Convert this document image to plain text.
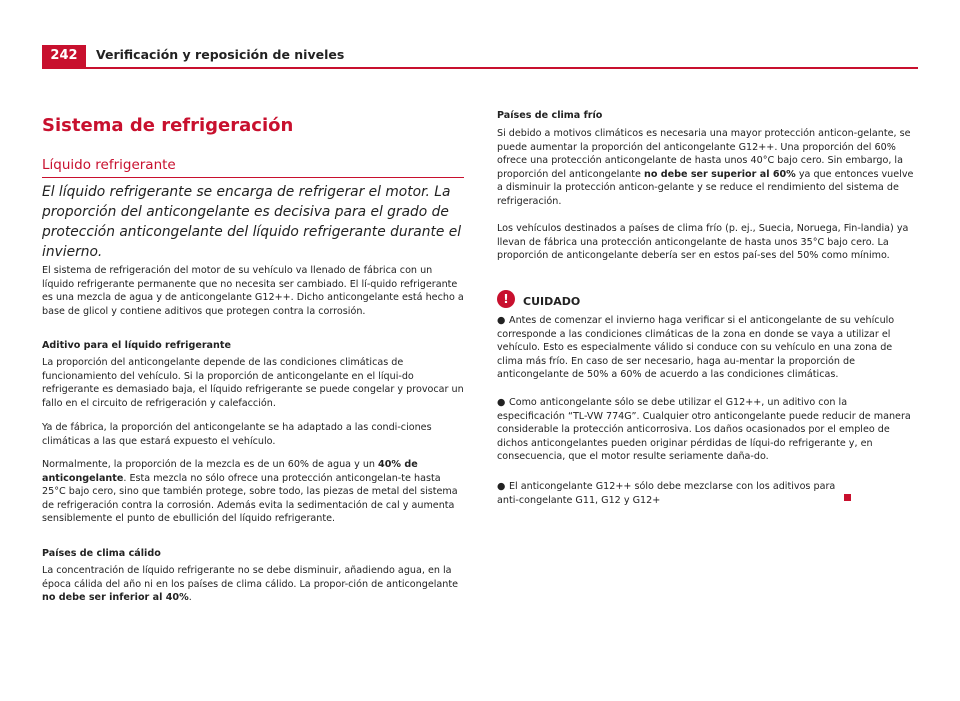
242	Verificación y reposición de niveles
Sistema de refrigeración
Líquido refrigerante

El líquido refrigerante se encarga de refrigerar el motor. La proporción del anticongelante es decisiva para el grado de protección anticongelante del líquido refrigerante durante el invierno.

El sistema de refrigeración del motor de su vehículo va llenado de fábrica con un líquido refrigerante permanente que no necesita ser cambiado. El lí-quido refrigerante es una mezcla de agua y de anticongelante G12++. Dicho anticongelante está hecho a base de glicol y contiene aditivos que protegen contra la corrosión.

Aditivo para el líquido refrigerante

La proporción del anticongelante depende de las condiciones climáticas de funcionamiento del vehículo. Si la proporción de anticongelante en el líqui-do refrigerante es demasiado baja, el líquido refrigerante se puede congelar y provocar un fallo en el circuito de refrigeración y calefacción.

Ya de fábrica, la proporción del anticongelante se ha adaptado a las condi-ciones climáticas a las que estará expuesto el vehículo.

Normalmente, la proporción de la mezcla es de un 60% de agua y un 40% de anticongelante. Esta mezcla no sólo ofrece una protección anticongelan-te hasta 25°C bajo cero, sino que también protege, sobre todo, las piezas de metal del sistema de refrigeración contra la corrosión. Además evita la sedimentación de cal y aumenta sensiblemente el punto de ebullición del líquido refrigerante.

Países de clima cálido

La concentración de líquido refrigerante no se debe disminuir, añadiendo agua, en la época cálida del año ni en los países de clima cálido. La propor-ción de anticongelante no debe ser inferior al 40%.

Países de clima frío

Si debido a motivos climáticos es necesaria una mayor protección anticon-gelante, se puede aumentar la proporción del anticongelante G12++. Una proporción del 60% ofrece una protección anticongelante de hasta unos 40°C bajo cero. Sin embargo, la proporción del anticongelante no debe ser superior al 60% ya que entonces vuelve a disminuir la protección anticon-gelante y se reduce el rendimiento del sistema de refrigeración.

Los vehículos destinados a países de clima frío (p. ej., Suecia, Noruega, Fin-landia) ya llevan de fábrica una protección anticongelante de hasta unos 35°C bajo cero. La proporción de anticongelante debería ser en estos paí-ses del 50% como mínimo.

!	CUIDADO

● Antes de comenzar el invierno haga verificar si el anticongelante de su vehículo corresponde a las condiciones climáticas de la zona en donde se vaya a utilizar el vehículo. Esto es especialmente válido si conduce con su vehículo en una zona de clima más frío. En caso de ser necesario, haga au-mentar la proporción de anticongelante de 50% a 60% de acuerdo a las condiciones climáticas.

● Como anticongelante sólo se debe utilizar el G12++, un aditivo con la especificación “TL-VW 774G”. Cualquier otro anticongelante puede reducir de manera considerable la protección anticorrosiva. Los daños ocasionados por el empleo de dichos anticongelantes pueden originar pérdidas de líqui-do refrigerante y, en consecuencia, que el motor resulte seriamente daña-do.

● El anticongelante G12++ sólo debe mezclarse con los aditivos para anti-congelante G11, G12 y G12+
